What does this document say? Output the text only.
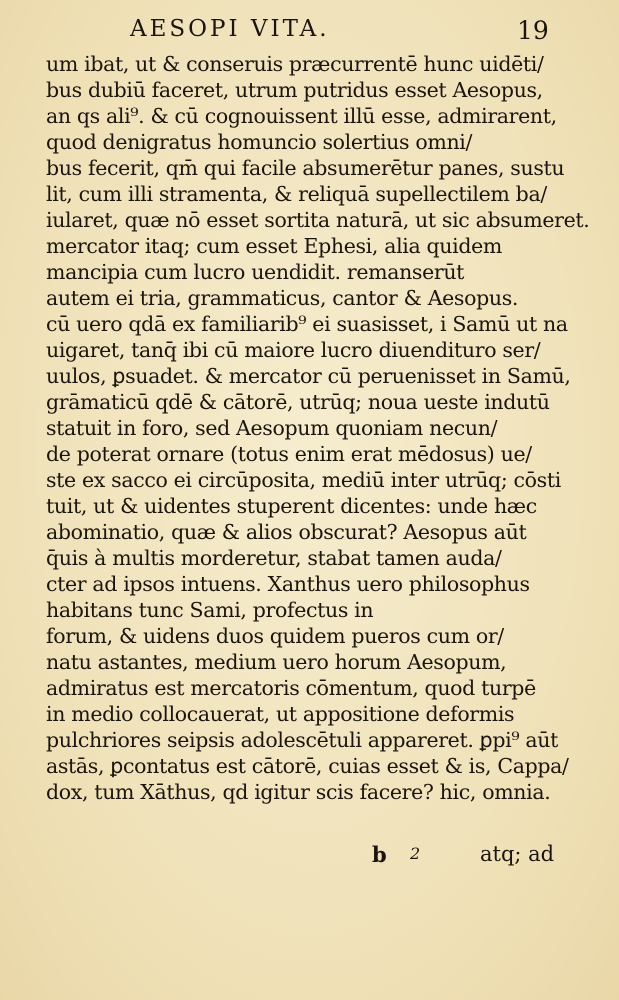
AESOPI VITA.	19
um ibat, ut & conseruis præcurrentē hunc uidēti/
bus dubiū faceret, utrum putridus esset Aesopus,
an qs ali⁹. & cū cognouissent illū esse, admirarent,
quod denigratus homuncio solertius omni/
bus fecerit, qm̄ qui facile absumerētur panes, sustu
lit, cum illi stramenta, & reliquā supellectilem ba/
iularet, quæ nō esset sortita naturā, ut sic absumeret.
mercator itaq; cum esset Ephesi, alia quidem
mancipia cum lucro uendidit. remanserūt
autem ei tria, grammaticus, cantor & Aesopus.
cū uero qdā ex familiarib⁹ ei suasisset, i Samū ut na
uigaret, tanq̄ ibi cū maiore lucro diuendituro ser/
uulos, ꝑsuadet. & mercator cū peruenisset in Samū,
grāmaticū qdē & cātorē, utrūq; noua ueste indutū
statuit in foro, sed Aesopum quoniam necun/
de poterat ornare (totus enim erat mēdosus) ue/
ste ex sacco ei circūposita, mediū inter utrūq; cōsti
tuit, ut & uidentes stuperent dicentes: unde hæc
abominatio, quæ & alios obscurat? Aesopus aūt
q̄uis à multis morderetur, stabat tamen auda/
cter ad ipsos intuens. Xanthus uero philosophus
habitans tunc Sami, profectus in
forum, & uidens duos quidem pueros cum or/
natu astantes, medium uero horum Aesopum,
admiratus est mercatoris cōmentum, quod turpē
in medio collocauerat, ut appositione deformis
pulchriores seipsis adolescētuli appareret. ꝑpi⁹ aūt
astās, ꝑcontatus est cātorē, cuias esset & is, Cappa/
dox, tum Xāthus, qd igitur scis facere? hic, omnia.
b 2	atq; ad
